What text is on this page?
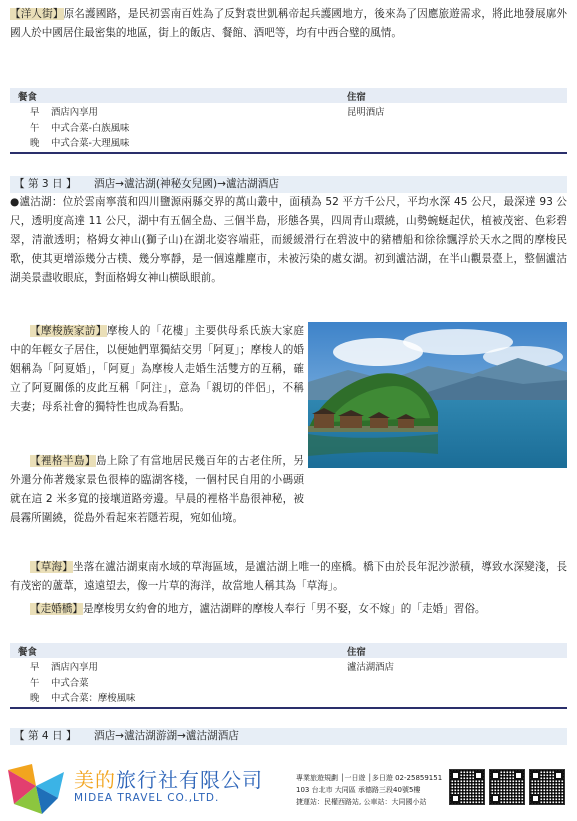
【洋人街】原名護國路，是民初雲南百姓為了反對袁世凱稱帝起兵護國地方，後來為了因應旅遊需求，將此地發展廓外國人於中國居住最密集的地區，街上的飯店、餐館、酒吧等，均有中西合璧的風情。

餐食	住宿
早 酒店內享用	昆明酒店
午 中式合菜-白族風味
晚 中式合菜-大理風味
【 第 3 日 】 酒店→瀘沽湖(神秘女兒國)→瀘沽湖酒店

●瀘沽湖：位於雲南寧蒗和四川鹽源兩縣交界的萬山叢中，面積為 52 平方千公尺，平均水深 45 公尺，最深達 93 公尺，透明度高達 11 公尺，湖中有五個全島、三個半島，形態各異，四周青山環繞，山勢蜿蜒起伏，植被茂密、色彩碧翠，清澈透明；格姆女神山(獅子山)在湖北姿容端莊，而緩緩滑行在碧波中的豬槽船和徐徐飄浮於天水之間的摩梭民歌，使其更增添幾分古樸、幾分寧靜，是一個遠離塵市，未被污染的處女湖。初到瀘沽湖，在半山觀景臺上，整個瀘沽湖美景盡收眼底，對面格姆女神山横臥眼前。

【摩梭族家訪】摩梭人的「花樓」主要供母系氏族大家庭中的年輕女子居住，以便她們單獨結交男「阿夏」；摩梭人的婚姻稱為「阿夏婚」，「阿夏」為摩梭人走婚生活雙方的互稱，確立了阿夏關係的皮此互稱「阿注」，意為「親切的伴侶」，不稱夫妻；母系社會的獨特性也成為看點。

【裡格半島】島上除了有當地居民幾百年的古老住所，另外還分佈著幾家景色很棒的臨湖客棧，一個村民自用的小碼頭就在這 2 米多寬的接壤道路旁邊。早晨的裡格半島很神秘，被晨霧所圍繞，從島外看起來若隱若現，宛如仙境。

【草海】坐落在瀘沽湖東南水域的草海區域，是瀘沽湖上唯一的座橋。橋下由於長年泥沙淤積，導致水深變淺，長有茂密的蘆葦，遠遠望去，像一片草的海洋，故當地人稱其為「草海」。

【走婚橋】是摩梭男女約會的地方，瀘沽湖畔的摩梭人奉行「男不娶，女不嫁」的「走婚」習俗。

餐食	住宿
早 酒店內享用	瀘沽湖酒店
午 中式合菜
晚 中式合菜：摩梭風味
【 第 4 日 】 酒店→瀘沽湖游湖→瀘沽湖酒店
美的旅行社有限公司
MIDEA TRAVEL CO.,LTD.
專業旅遊規劃 │一日遊 │多日遊 02-25859151
103 台北市 大同區 承德路三段40號5樓
捷運站：民權西路站, 公車站：大同國小站
